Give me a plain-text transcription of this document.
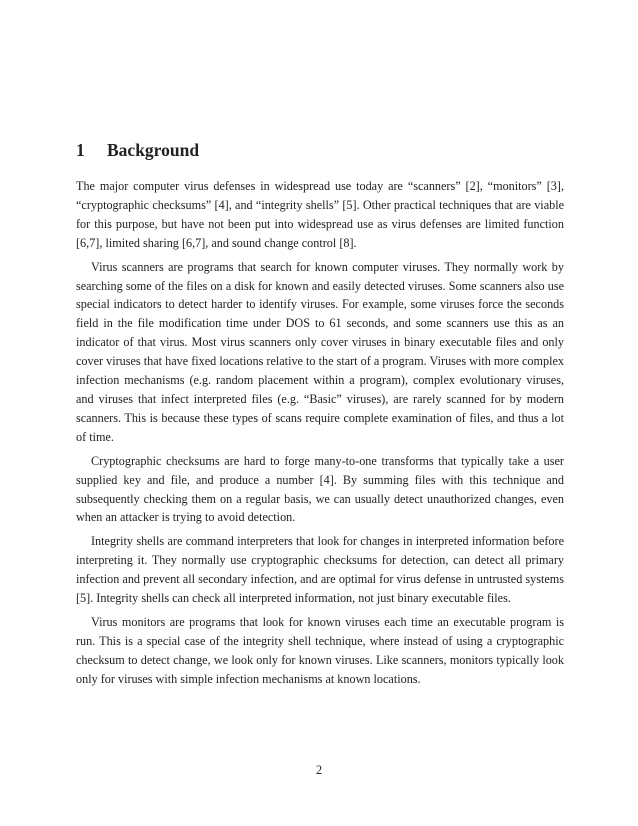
1 Background

The major computer virus defenses in widespread use today are “scanners” [2], “monitors” [3], “cryptographic checksums” [4], and “integrity shells” [5]. Other practical techniques that are viable for this purpose, but have not been put into widespread use as virus defenses are limited function [6,7], limited sharing [6,7], and sound change control [8].

Virus scanners are programs that search for known computer viruses. They normally work by searching some of the files on a disk for known and easily detected viruses. Some scanners also use special indicators to detect harder to identify viruses. For example, some viruses force the seconds field in the file modification time under DOS to 61 seconds, and some scanners use this as an indicator of that virus. Most virus scanners only cover viruses in binary executable files and only cover viruses that have fixed locations relative to the start of a program. Viruses with more complex infection mechanisms (e.g. random placement within a program), complex evolutionary viruses, and viruses that infect interpreted files (e.g. “Basic” viruses), are rarely scanned for by modern scanners. This is because these types of scans require complete examination of files, and thus a lot of time.

Cryptographic checksums are hard to forge many-to-one transforms that typically take a user supplied key and file, and produce a number [4]. By summing files with this technique and subsequently checking them on a regular basis, we can usually detect unauthorized changes, even when an attacker is trying to avoid detection.

Integrity shells are command interpreters that look for changes in interpreted information before interpreting it. They normally use cryptographic checksums for detection, can detect all primary infection and prevent all secondary infection, and are optimal for virus defense in untrusted systems [5]. Integrity shells can check all interpreted information, not just binary executable files.

Virus monitors are programs that look for known viruses each time an executable program is run. This is a special case of the integrity shell technique, where instead of using a cryptographic checksum to detect change, we look only for known viruses. Like scanners, monitors typically look only for viruses with simple infection mechanisms at known locations.

2
